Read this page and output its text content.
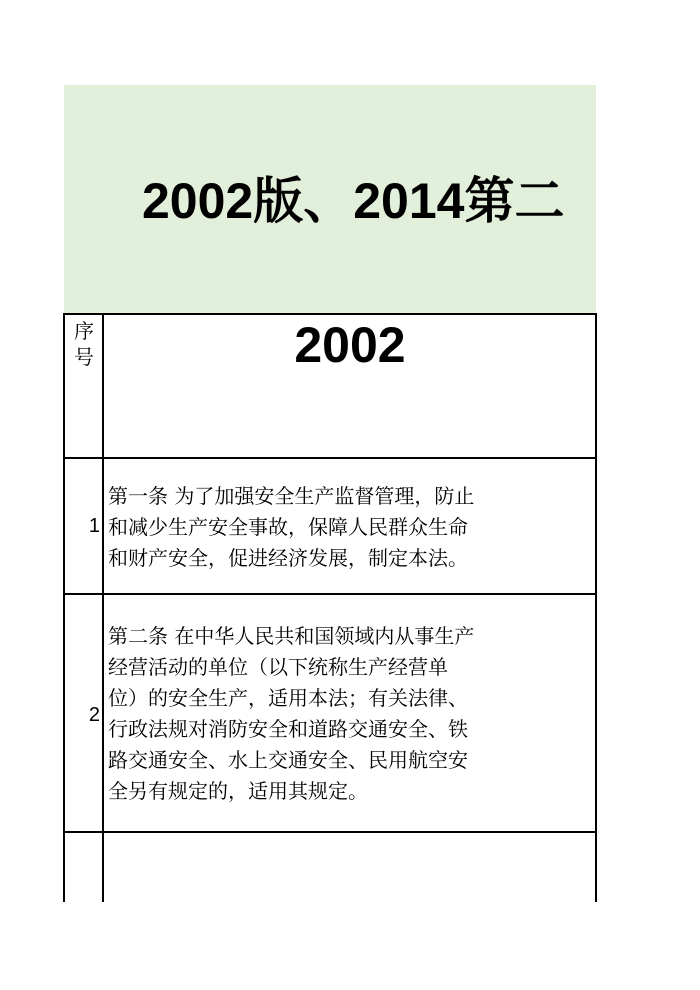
2002版、2014第二
序
号	2002
1
第一条 为了加强安全生产监督管理，防止
和减少生产安全事故，保障人民群众生命
和财产安全，促进经济发展，制定本法。
2
第二条 在中华人民共和国领域内从事生产
经营活动的单位（以下统称生产经营单
位）的安全生产，适用本法；有关法律、
行政法规对消防安全和道路交通安全、铁
路交通安全、水上交通安全、民用航空安
全另有规定的，适用其规定。
